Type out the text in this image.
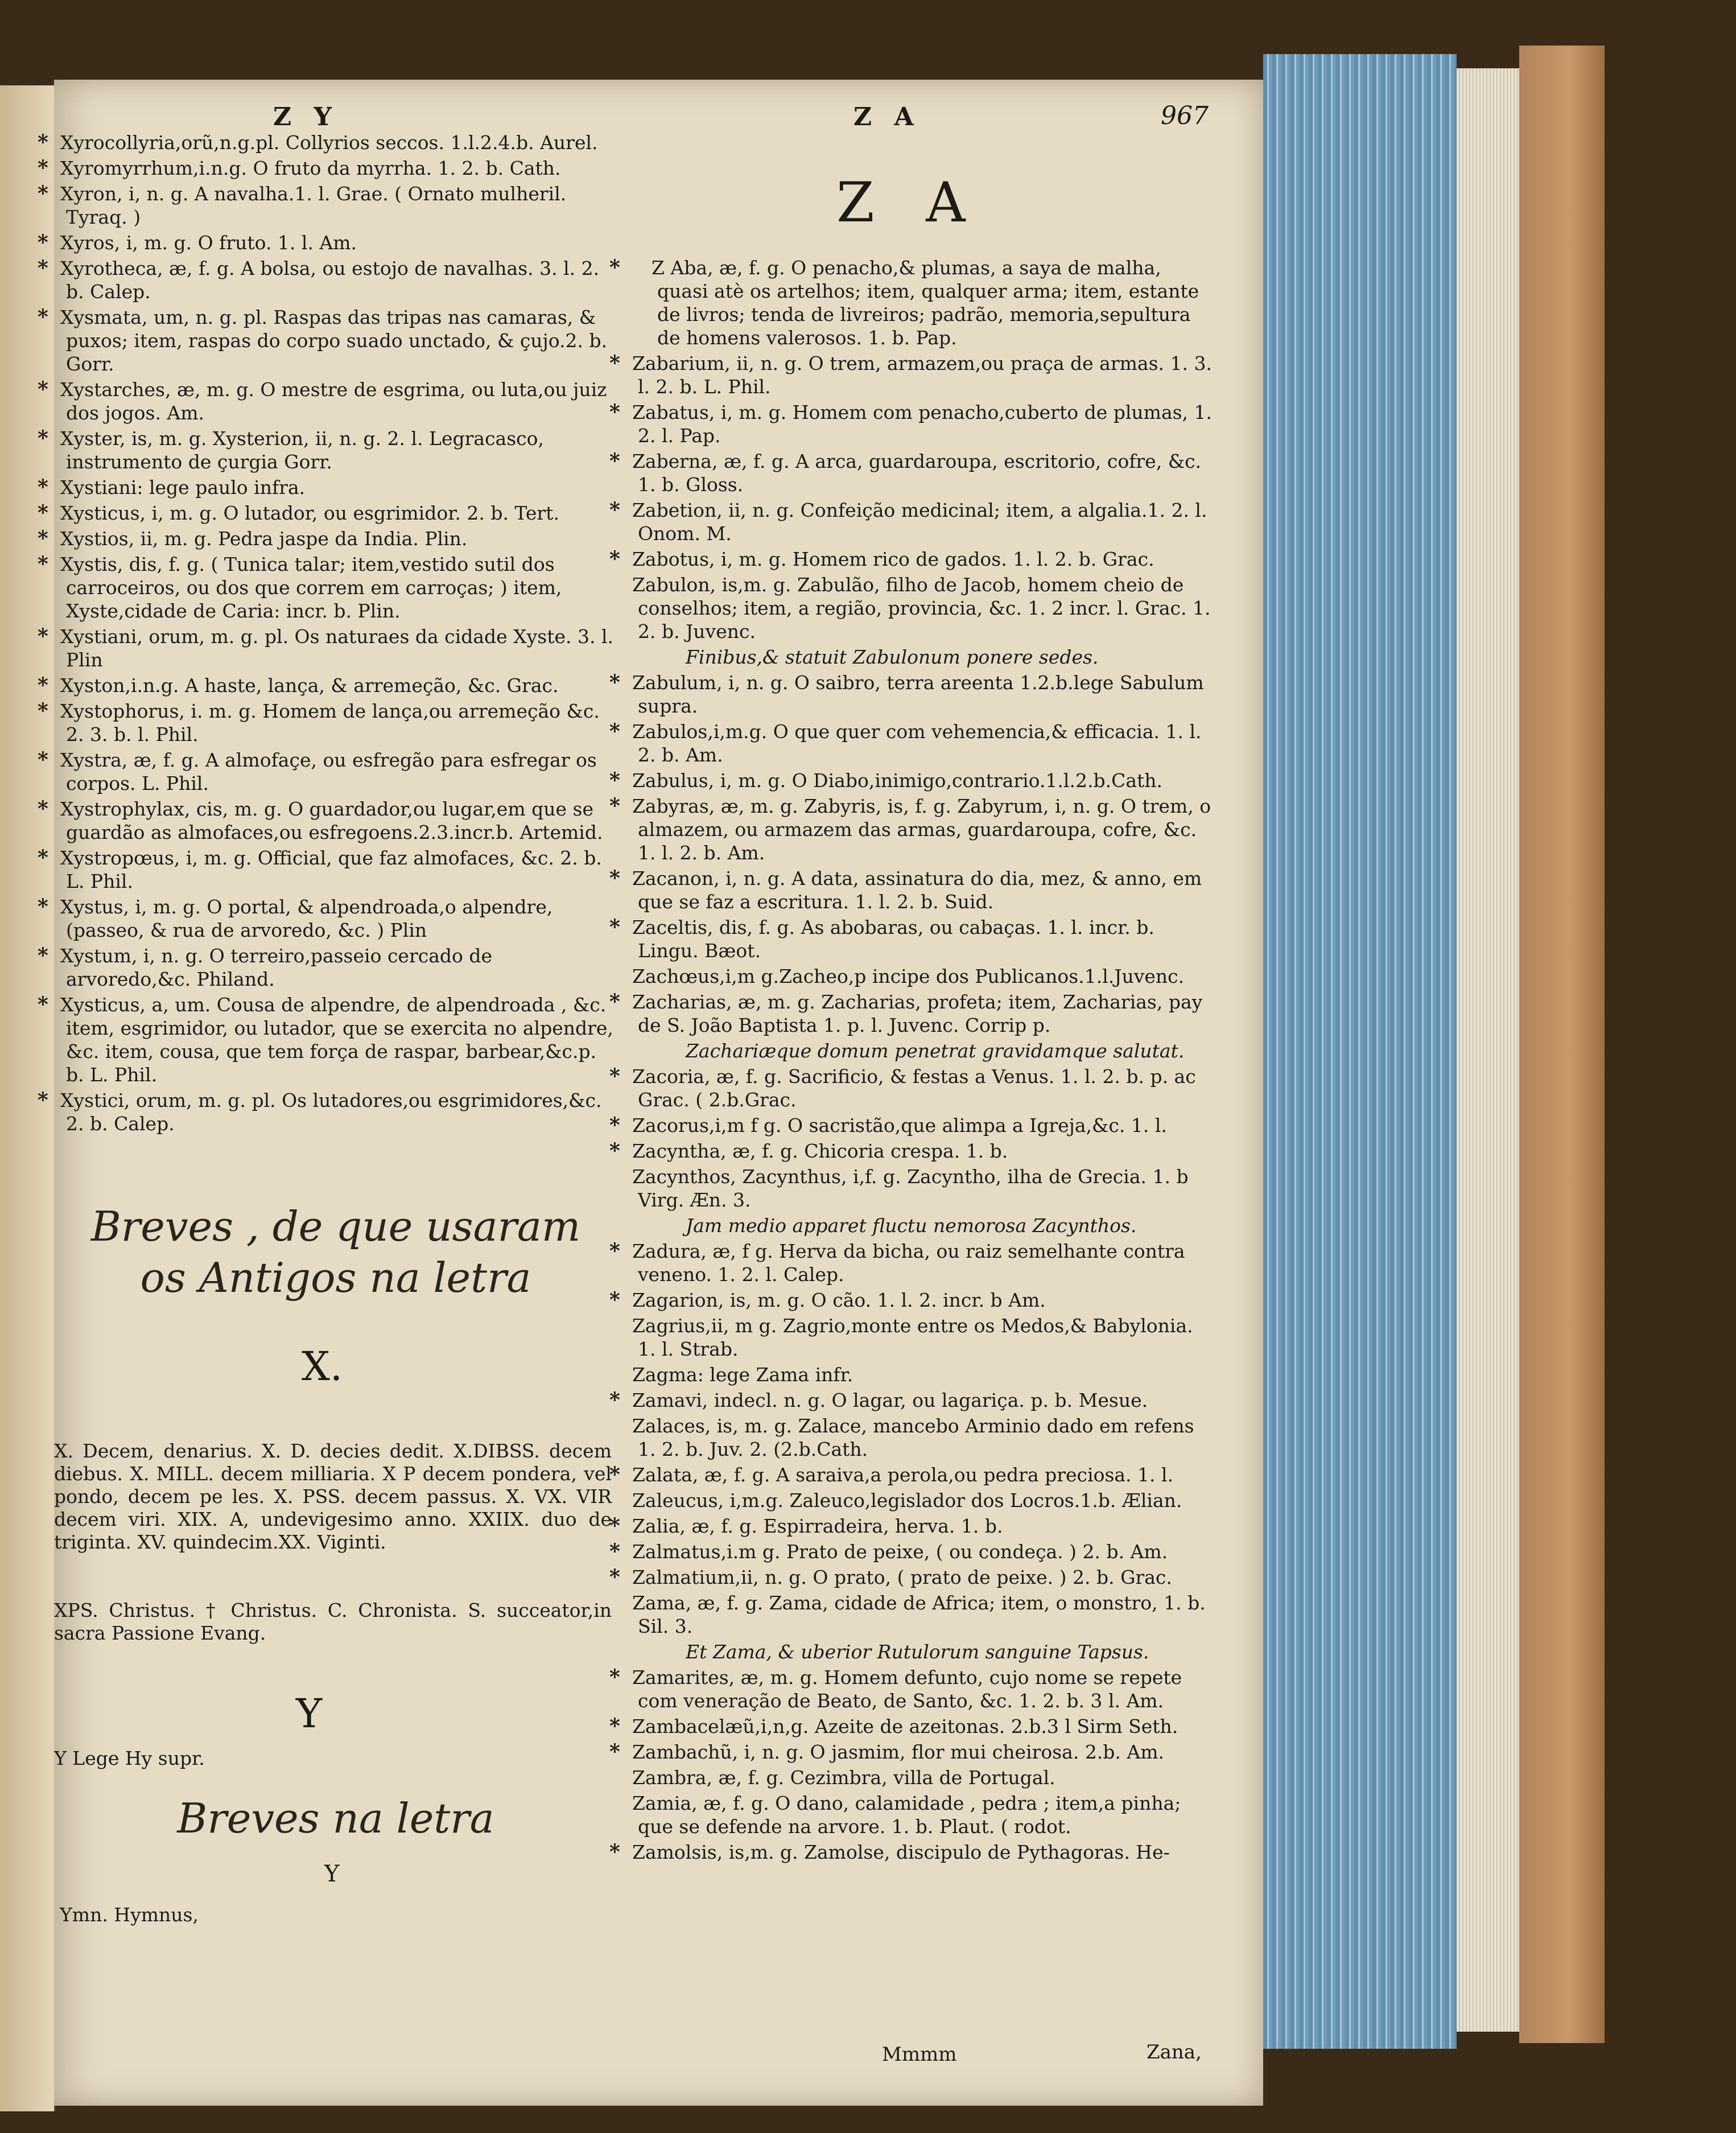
Z Y	Z A	967
Z A
* Xyrocollyria,orũ,n.g.pl. Collyrios seccos. 1.l.2.4.b. Aurel.
* Xyromyrrhum,i.n.g. O fruto da myrrha. 1. 2. b. Cath.
* Xyron, i, n. g. A navalha.1. l. Grae. ( Ornato mulheril. Tyraq. )
* Xyros, i, m. g. O fruto. 1. l. Am.
* Xyrotheca, æ, f. g. A bolsa, ou estojo de navalhas. 3. l. 2. b. Calep.
* Xysmata, um, n. g. pl. Raspas das tripas nas camaras, & puxos; item, raspas do corpo suado unctado, & çujo.2. b. Gorr.
* Xystarches, æ, m. g. O mestre de esgrima, ou luta,ou juiz dos jogos. Am.
* Xyster, is, m. g. Xysterion, ii, n. g. 2. l. Legracasco, instrumento de çurgia Gorr.
* Xystiani: lege paulo infra.
* Xysticus, i, m. g. O lutador, ou esgrimidor. 2. b. Tert.
* Xystios, ii, m. g. Pedra jaspe da India. Plin.
* Xystis, dis, f. g. ( Tunica talar; item,vestido sutil dos carroceiros, ou dos que correm em carroças; ) item, Xyste,cidade de Caria: incr. b. Plin.
* Xystiani, orum, m. g. pl. Os naturaes da cidade Xyste. 3. l. Plin
* Xyston,i.n.g. A haste, lança, & arremeção, &c. Grac.
* Xystophorus, i. m. g. Homem de lança,ou arremeção &c. 2. 3. b. l. Phil.
* Xystra, æ, f. g. A almofaçe, ou esfregão para esfregar os corpos. L. Phil.
* Xystrophylax, cis, m. g. O guardador,ou lugar,em que se guardão as almofaces,ou esfregoens.2.3.incr.b. Artemid.
* Xystropœus, i, m. g. Official, que faz almofaces, &c. 2. b. L. Phil.
* Xystus, i, m. g. O portal, & alpendroada,o alpendre,(passeo, & rua de arvoredo, &c. ) Plin
* Xystum, i, n. g. O terreiro,passeio cercado de arvoredo,&c. Philand.
* Xysticus, a, um. Cousa de alpendre, de alpendroada , &c. item, esgrimidor, ou lutador, que se exercita no alpendre, &c. item, cousa, que tem força de raspar, barbear,&c.p. b. L. Phil.
* Xystici, orum, m. g. pl. Os lutadores,ou esgrimidores,&c. 2. b. Calep.
Breves , de que usaram os Antigos na letra
X.
X. Decem, denarius. X. D. decies dedit. X.DIBSS. decem diebus. X. MILL. decem milliaria. X P decem pondera, vel pondo, decem pe les. X. PSS. decem passus. X. VX. VIR decem viri. XIX. A, undevigesimo anno. XXIIX. duo de triginta. XV. quindecim.XX. Viginti.
XPS. Christus. † Christus. C. Chronista. S. succeator,in sacra Passione Evang.
Y
Y Lege Hy supr.
Breves na letra
Y
Ymn. Hymnus,
* Z Aba, æ, f. g. O penacho,& plumas, a saya de malha, quasi atè os artelhos; item, qualquer arma; item, estante de livros; tenda de livreiros; padrão, memoria,sepultura de homens valerosos. 1. b. Pap.
* Zabarium, ii, n. g. O trem, armazem,ou praça de armas. 1. 3. l. 2. b. L. Phil.
* Zabatus, i, m. g. Homem com penacho,cuberto de plumas, 1. 2. l. Pap.
* Zaberna, æ, f. g. A arca, guardaroupa, escritorio, cofre, &c. 1. b. Gloss.
* Zabetion, ii, n. g. Confeição medicinal; item, a algalia.1. 2. l. Onom. M.
* Zabotus, i, m. g. Homem rico de gados. 1. l. 2. b. Grac.
Zabulon, is,m. g. Zabulão, filho de Jacob, homem cheio de conselhos; item, a região, provincia, &c. 1. 2 incr. l. Grac. 1. 2. b. Juvenc.
Finibus,& statuit Zabulonum ponere sedes.
* Zabulum, i, n. g. O saibro, terra areenta 1.2.b.lege Sabulum supra.
* Zabulos,i,m.g. O que quer com vehemencia,& efficacia. 1. l. 2. b. Am.
* Zabulus, i, m. g. O Diabo,inimigo,contrario.1.l.2.b.Cath.
* Zabyras, æ, m. g. Zabyris, is, f. g. Zabyrum, i, n. g. O trem, o almazem, ou armazem das armas, guardaroupa, cofre, &c. 1. l. 2. b. Am.
* Zacanon, i, n. g. A data, assinatura do dia, mez, & anno, em que se faz a escritura. 1. l. 2. b. Suid.
* Zaceltis, dis, f. g. As abobaras, ou cabaças. 1. l. incr. b. Lingu. Bæot.
Zachœus,i,m g.Zacheo,p incipe dos Publicanos.1.l.Juvenc.
* Zacharias, æ, m. g. Zacharias, profeta; item, Zacharias, pay de S. João Baptista 1. p. l. Juvenc. Corrip p.
Zachariæque domum penetrat gravidamque salutat.
* Zacoria, æ, f. g. Sacrificio, & festas a Venus. 1. l. 2. b. p. ac Grac. ( 2.b.Grac.
* Zacorus,i,m f g. O sacristão,que alimpa a Igreja,&c. 1. l.
* Zacyntha, æ, f. g. Chicoria crespa. 1. b.
Zacynthos, Zacynthus, i,f. g. Zacyntho, ilha de Grecia. 1. b Virg. Æn. 3.
Jam medio apparet fluctu nemorosa Zacynthos.
* Zadura, æ, f g. Herva da bicha, ou raiz semelhante contra veneno. 1. 2. l. Calep.
* Zagarion, is, m. g. O cão. 1. l. 2. incr. b Am.
Zagrius,ii, m g. Zagrio,monte entre os Medos,& Babylonia. 1. l. Strab.
Zagma: lege Zama infr.
* Zamavi, indecl. n. g. O lagar, ou lagariça. p. b. Mesue.
Zalaces, is, m. g. Zalace, mancebo Arminio dado em refens 1. 2. b. Juv. 2. (2.b.Cath.
* Zalata, æ, f. g. A saraiva,a perola,ou pedra preciosa. 1. l.
Zaleucus, i,m.g. Zaleuco,legislador dos Locros.1.b. Ælian.
* Zalia, æ, f. g. Espirradeira, herva. 1. b.
* Zalmatus,i.m g. Prato de peixe, ( ou condeça. ) 2. b. Am.
* Zalmatium,ii, n. g. O prato, ( prato de peixe. ) 2. b. Grac.
Zama, æ, f. g. Zama, cidade de Africa; item, o monstro, 1. b. Sil. 3.
Et Zama, & uberior Rutulorum sanguine Tapsus.
* Zamarites, æ, m. g. Homem defunto, cujo nome se repete com veneração de Beato, de Santo, &c. 1. 2. b. 3 l. Am.
* Zambacelæũ,i,n,g. Azeite de azeitonas. 2.b.3 l Sirm Seth.
* Zambachũ, i, n. g. O jasmim, flor mui cheirosa. 2.b. Am.
Zambra, æ, f. g. Cezimbra, villa de Portugal.
Zamia, æ, f. g. O dano, calamidade , pedra ; item,a pinha; que se defende na arvore. 1. b. Plaut. ( rodot.
* Zamolsis, is,m. g. Zamolse, discipulo de Pythagoras. He-
Mmmm	Zana,
